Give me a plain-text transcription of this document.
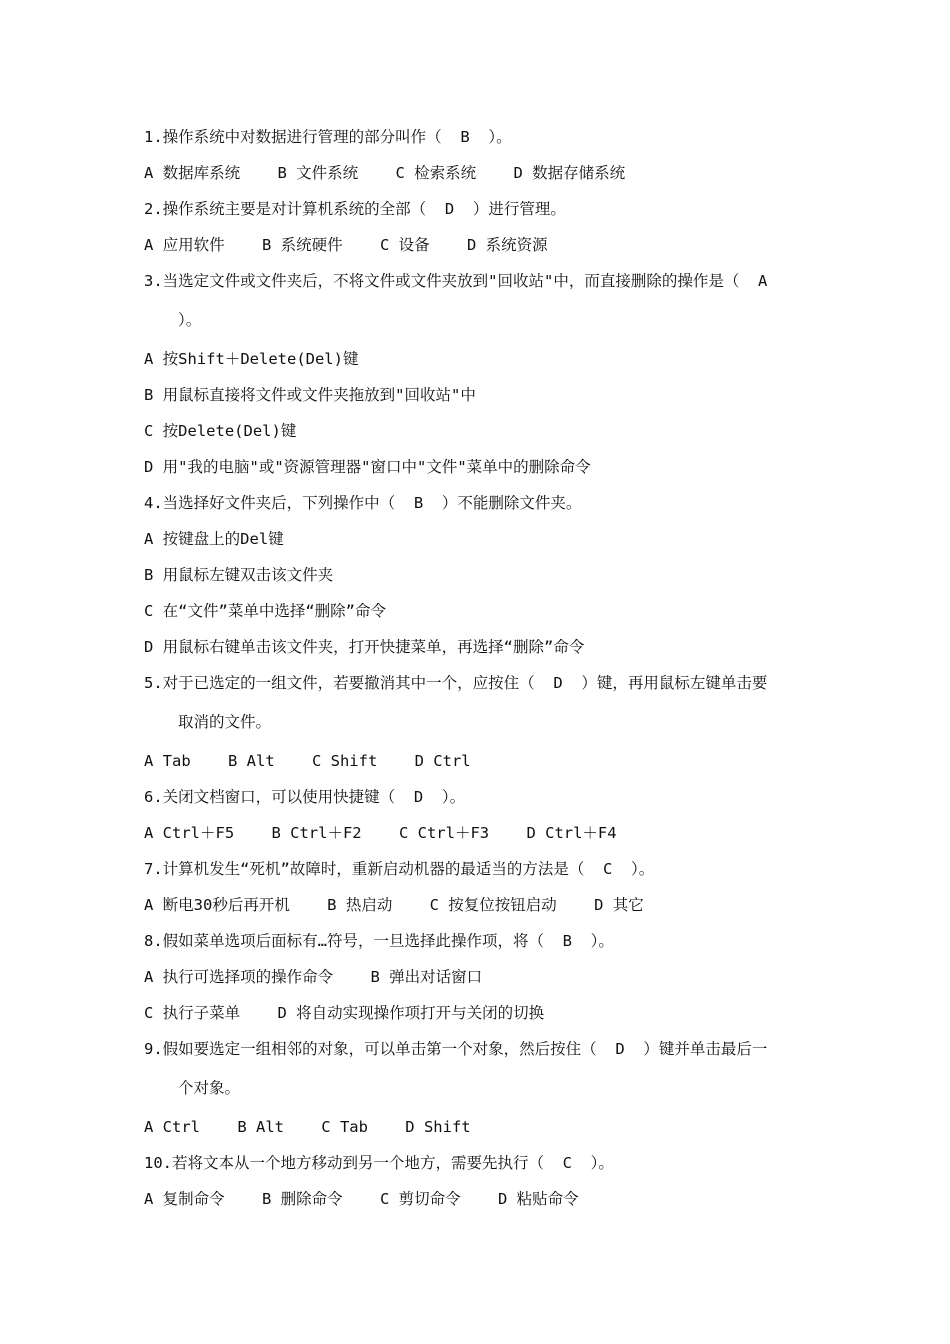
1.操作系统中对数据进行管理的部分叫作（  B  ）。
A 数据库系统    B 文件系统    C 检索系统    D 数据存储系统
2.操作系统主要是对计算机系统的全部（  D  ）进行管理。
A 应用软件    B 系统硬件    C 设备    D 系统资源
3.当选定文件或文件夹后，不将文件或文件夹放到"回收站"中，而直接删除的操作是（  A
）。
A 按Shift＋Delete(Del)键
B 用鼠标直接将文件或文件夹拖放到"回收站"中
C 按Delete(Del)键
D 用"我的电脑"或"资源管理器"窗口中"文件"菜单中的删除命令
4.当选择好文件夹后，下列操作中（  B  ）不能删除文件夹。
A 按键盘上的Del键
B 用鼠标左键双击该文件夹
C 在“文件”菜单中选择“删除”命令
D 用鼠标右键单击该文件夹，打开快捷菜单，再选择“删除”命令
5.对于已选定的一组文件，若要撤消其中一个，应按住（  D  ）键，再用鼠标左键单击要
取消的文件。
A Tab    B Alt    C Shift    D Ctrl
6.关闭文档窗口，可以使用快捷键（  D  ）。
A Ctrl＋F5    B Ctrl＋F2    C Ctrl＋F3    D Ctrl＋F4
7.计算机发生“死机”故障时，重新启动机器的最适当的方法是（  C  ）。
A 断电30秒后再开机    B 热启动    C 按复位按钮启动    D 其它
8.假如菜单选项后面标有…符号，一旦选择此操作项，将（  B  ）。
A 执行可选择项的操作命令    B 弹出对话窗口
C 执行子菜单    D 将自动实现操作项打开与关闭的切换
9.假如要选定一组相邻的对象，可以单击第一个对象，然后按住（  D  ）键并单击最后一
个对象。
A Ctrl    B Alt    C Tab    D Shift
10.若将文本从一个地方移动到另一个地方，需要先执行（  C  ）。
A 复制命令    B 删除命令    C 剪切命令    D 粘贴命令
